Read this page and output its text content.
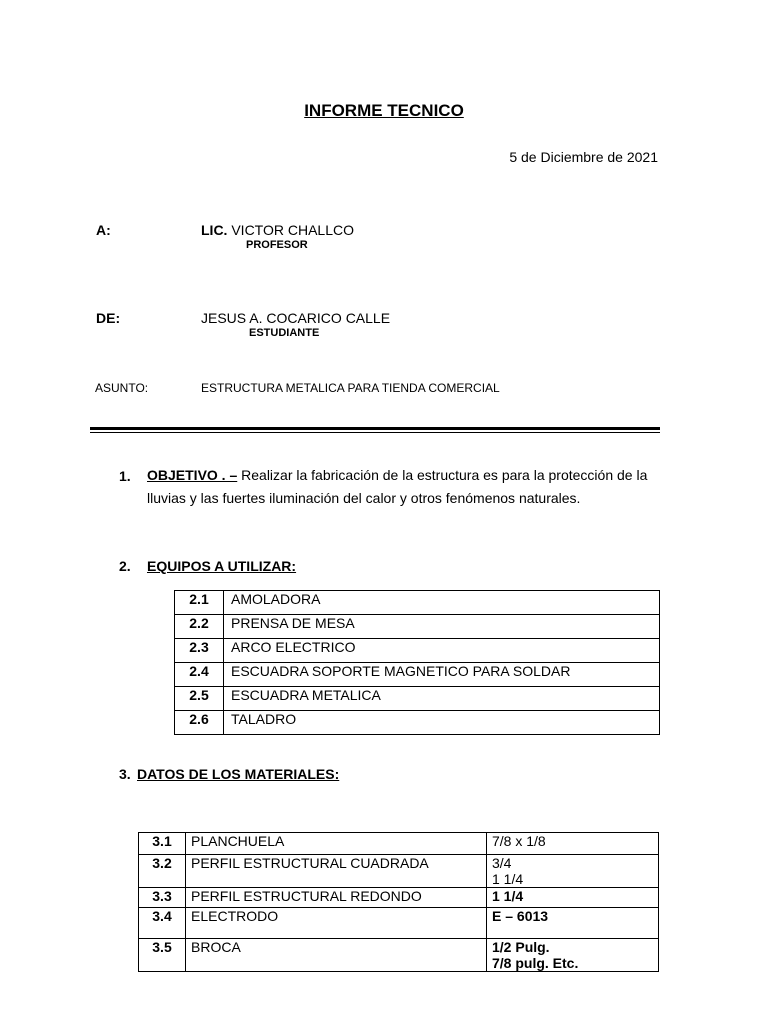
INFORME TECNICO
5 de Diciembre de 2021
A:	LIC. VICTOR CHALLCO
PROFESOR
DE:	JESUS A. COCARICO CALLE
ESTUDIANTE
ASUNTO:	ESTRUCTURA METALICA PARA TIENDA COMERCIAL
1. OBJETIVO . – Realizar la fabricación de la estructura es para la protección de la
lluvias y las fuertes iluminación del calor y otros fenómenos naturales.
2. EQUIPOS A UTILIZAR:
2.1	AMOLADORA
2.2	PRENSA DE MESA
2.3	ARCO ELECTRICO
2.4	ESCUADRA SOPORTE MAGNETICO PARA SOLDAR
2.5	ESCUADRA METALICA
2.6	TALADRO
3. DATOS DE LOS MATERIALES:
3.1	PLANCHUELA	7/8 x 1/8

3.2	PERFIL ESTRUCTURAL CUADRADA	3/4
1 1/4

3.3	PERFIL ESTRUCTURAL REDONDO	1 1/4

3.4	ELECTRODO	E – 6013

3.5	BROCA	1/2 Pulg.
7/8 pulg. Etc.
